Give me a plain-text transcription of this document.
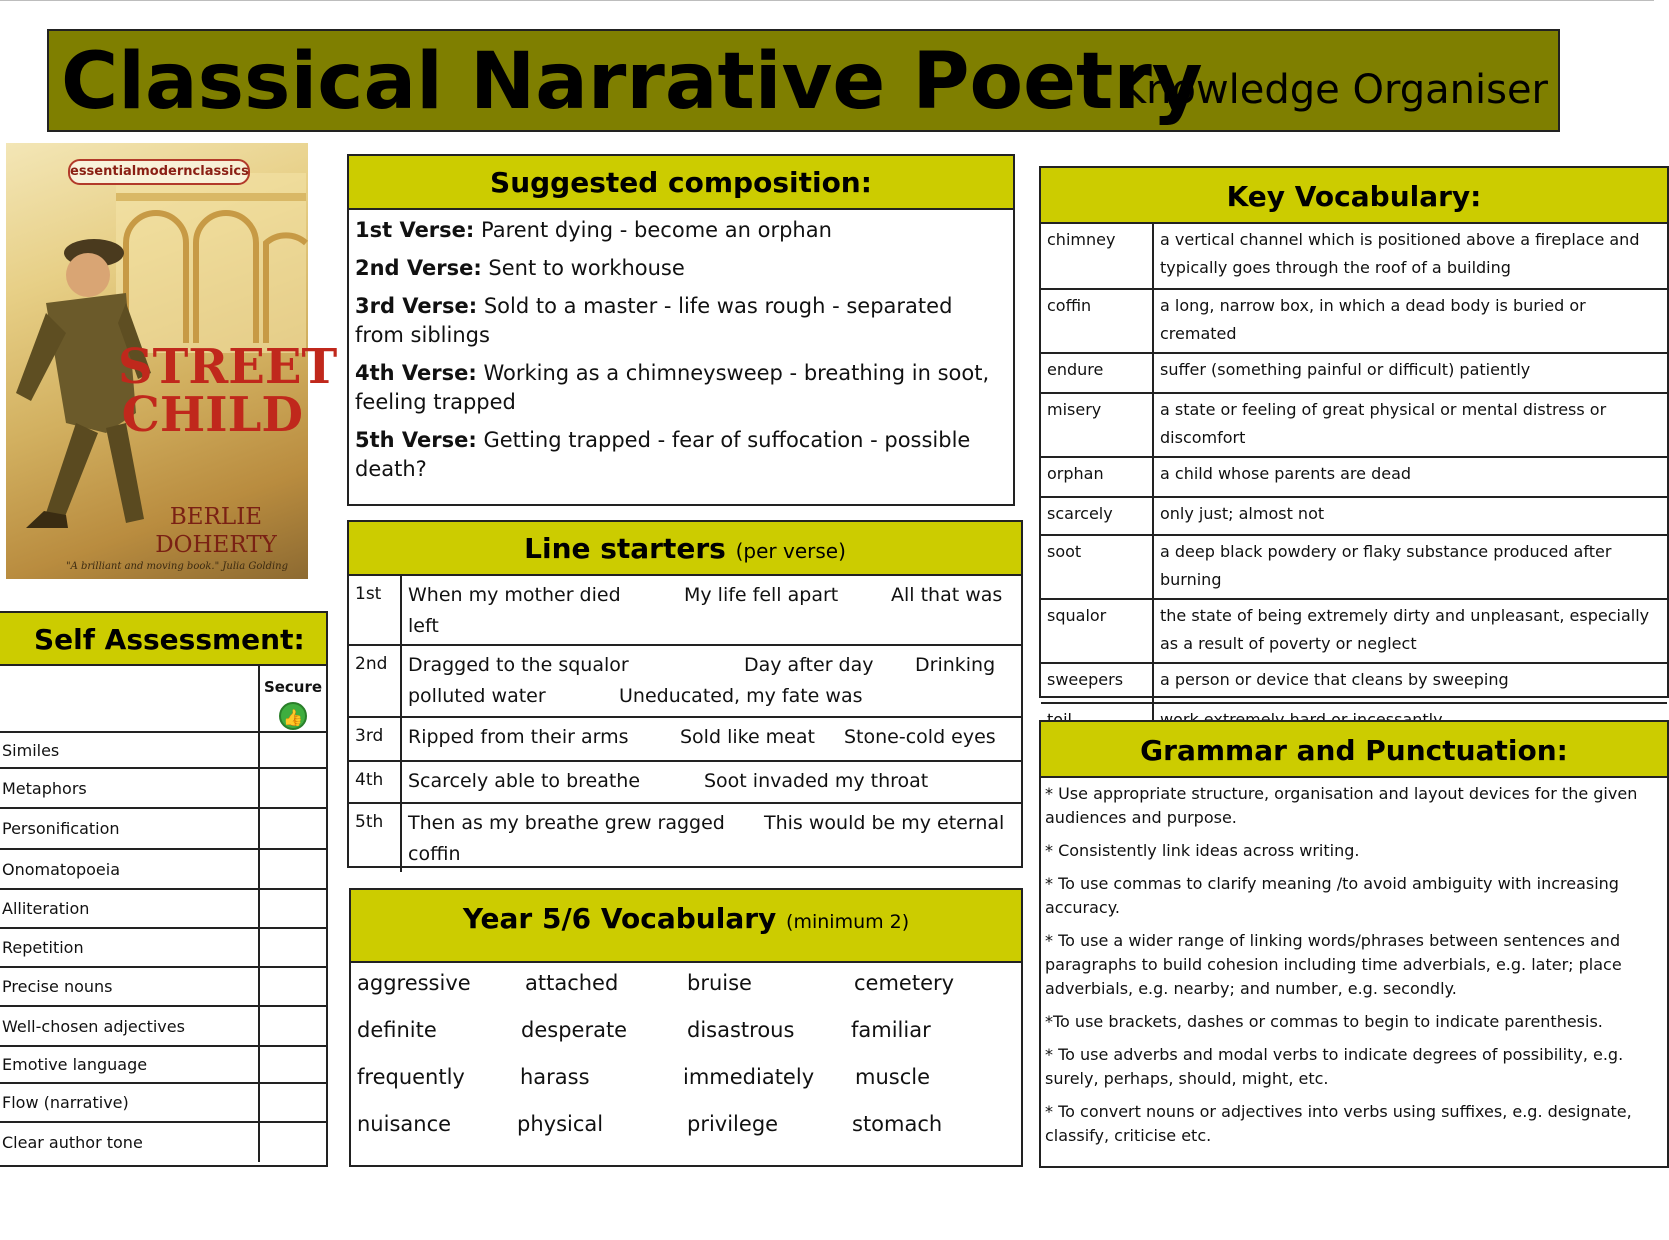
Classical Narrative Poetry
Knowledge Organiser
essentialmodernclassics
STREET
CHILD
BERLIE
DOHERTY
"A brilliant and moving book." Julia Golding
Self Assessment:

	Secure
👍
Similes	
Metaphors	
Personification	
Onomatopoeia	
Alliteration	
Repetition	
Precise nouns	
Well-chosen adjectives	
Emotive language	
Flow (narrative)	
Clear author tone	
Suggested composition:

1st Verse: Parent dying - become an orphan

2nd Verse: Sent to workhouse

3rd Verse: Sold to a master - life was rough - separated from siblings

4th Verse: Working as a chimneysweep - breathing in soot, feeling trapped

5th Verse: Getting trapped - fear of suffocation - possible death?

Line starters (per verse)
1st	When my mother died	My life fell apart	All that was
left
2nd	Dragged to the squalor	Day after day Drinking
polluted water	Uneducated, my fate was
3rd	Ripped from their arms	Sold like meat Stone-cold eyes
4th	Scarcely able to breathe	Soot invaded my throat
5th	Then as my breathe grew ragged This would be my eternal
coffin
Year 5/6 Vocabulary (minimum 2)
aggressive	attached	bruise	cemetery
definite	desperate	disastrous	familiar
frequently	harass	immediately muscle
nuisance	physical	privilege	stomach
Key Vocabulary:
chimney	a vertical channel which is positioned above a fireplace and typically goes through the roof of a building
coffin	a long, narrow box, in which a dead body is buried or cremated
endure	suffer (something painful or difficult) patiently
misery	a state or feeling of great physical or mental distress or discomfort
orphan	a child whose parents are dead
scarcely	only just; almost not
soot	a deep black powdery or flaky substance produced after burning
squalor	the state of being extremely dirty and unpleasant, especially as a result of poverty or neglect
sweepers	a person or device that cleans by sweeping

Grammar and Punctuation:

* Use appropriate structure, organisation and layout devices for the given audiences and purpose.

* Consistently link ideas across writing.

* To use commas to clarify meaning /to avoid ambiguity with increasing accuracy.

* To use a wider range of linking words/phrases between sentences and paragraphs to build cohesion including time adverbials, e.g. later; place adverbials, e.g. nearby; and number, e.g. secondly.

*To use brackets, dashes or commas to begin to indicate parenthesis.

* To use adverbs and modal verbs to indicate degrees of possibility, e.g. surely, perhaps, should, might, etc.

* To convert nouns or adjectives into verbs using suffixes, e.g. designate, classify, criticise etc.
